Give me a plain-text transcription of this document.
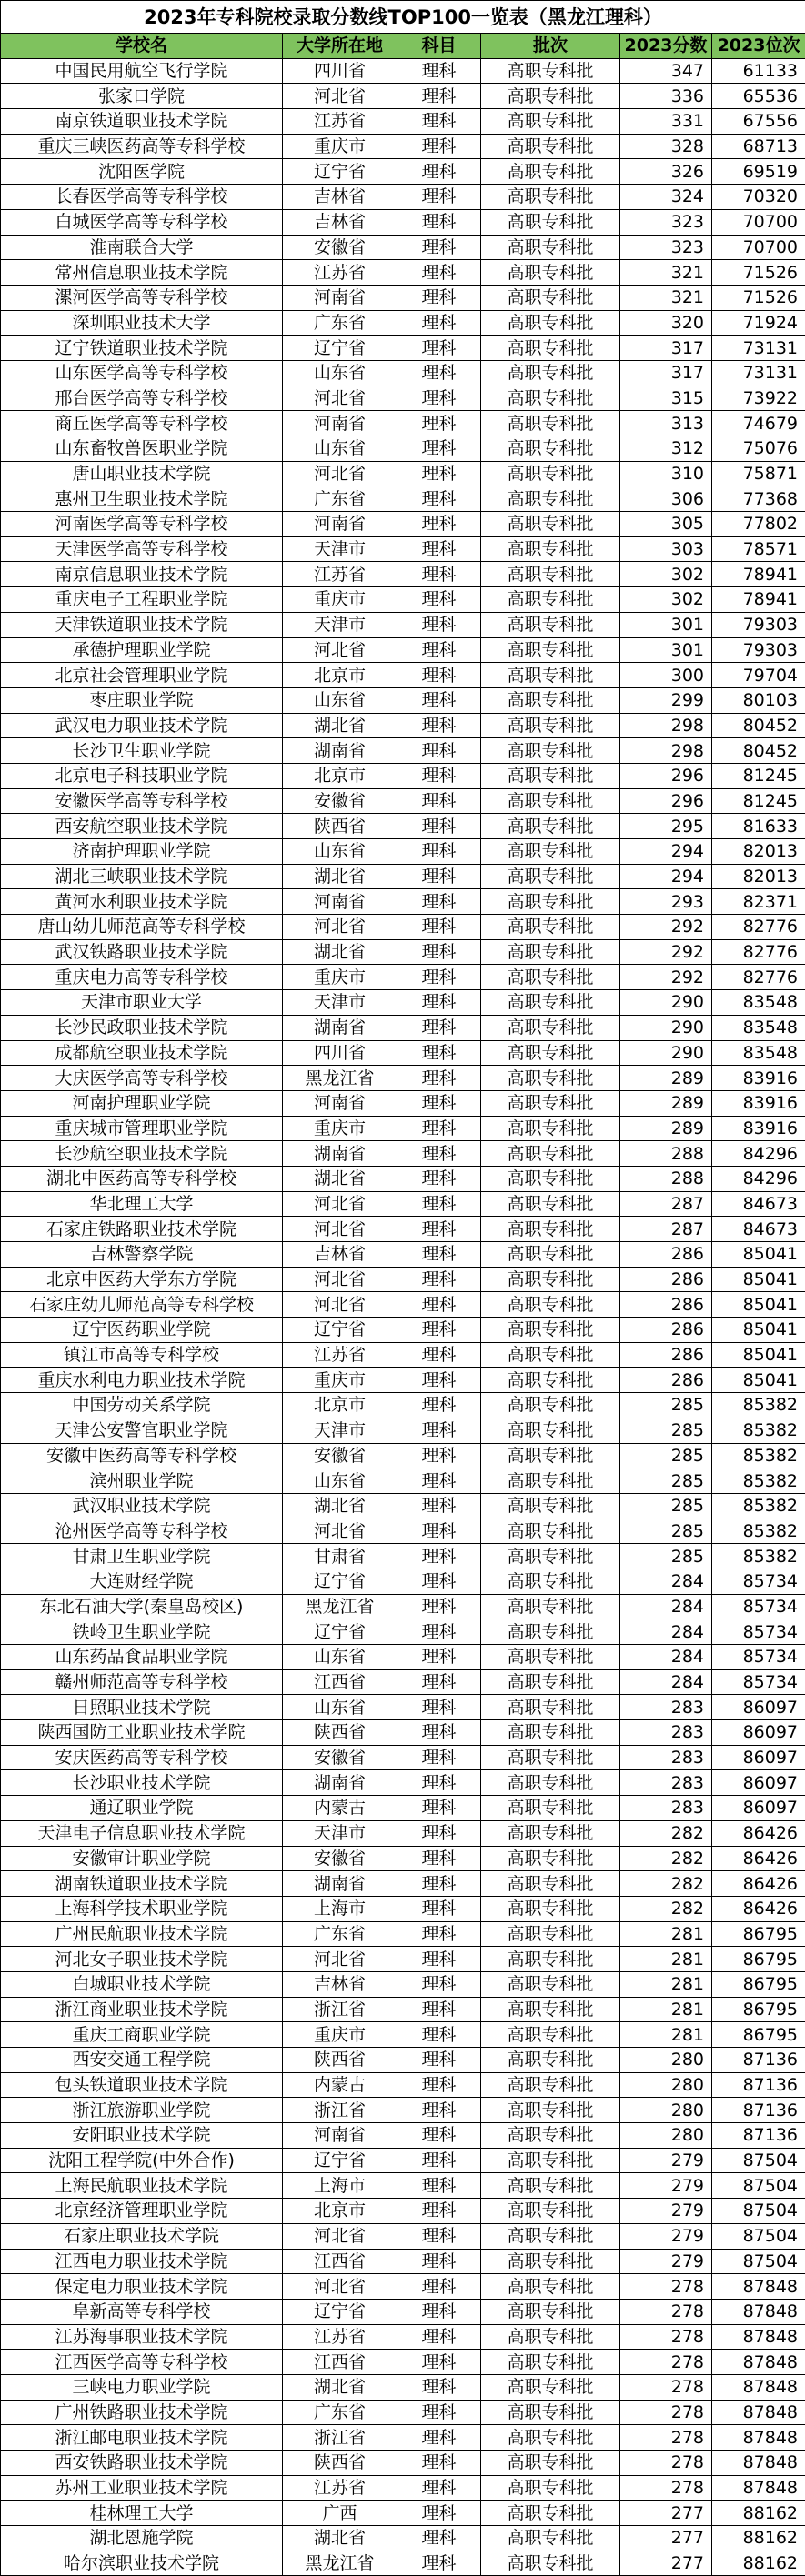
2023年专科院校录取分数线TOP100一览表（黑龙江理科）					
学校名	大学所在地	科目	批次	2023分数	2023位次
中国民用航空飞行学院	四川省	理科	高职专科批	347	61133
张家口学院	河北省	理科	高职专科批	336	65536
南京铁道职业技术学院	江苏省	理科	高职专科批	331	67556
重庆三峡医药高等专科学校	重庆市	理科	高职专科批	328	68713
沈阳医学院	辽宁省	理科	高职专科批	326	69519
长春医学高等专科学校	吉林省	理科	高职专科批	324	70320
白城医学高等专科学校	吉林省	理科	高职专科批	323	70700
淮南联合大学	安徽省	理科	高职专科批	323	70700
常州信息职业技术学院	江苏省	理科	高职专科批	321	71526
漯河医学高等专科学校	河南省	理科	高职专科批	321	71526
深圳职业技术大学	广东省	理科	高职专科批	320	71924
辽宁铁道职业技术学院	辽宁省	理科	高职专科批	317	73131
山东医学高等专科学校	山东省	理科	高职专科批	317	73131
邢台医学高等专科学校	河北省	理科	高职专科批	315	73922
商丘医学高等专科学校	河南省	理科	高职专科批	313	74679
山东畜牧兽医职业学院	山东省	理科	高职专科批	312	75076
唐山职业技术学院	河北省	理科	高职专科批	310	75871
惠州卫生职业技术学院	广东省	理科	高职专科批	306	77368
河南医学高等专科学校	河南省	理科	高职专科批	305	77802
天津医学高等专科学校	天津市	理科	高职专科批	303	78571
南京信息职业技术学院	江苏省	理科	高职专科批	302	78941
重庆电子工程职业学院	重庆市	理科	高职专科批	302	78941
天津铁道职业技术学院	天津市	理科	高职专科批	301	79303
承德护理职业学院	河北省	理科	高职专科批	301	79303
北京社会管理职业学院	北京市	理科	高职专科批	300	79704
枣庄职业学院	山东省	理科	高职专科批	299	80103
武汉电力职业技术学院	湖北省	理科	高职专科批	298	80452
长沙卫生职业学院	湖南省	理科	高职专科批	298	80452
北京电子科技职业学院	北京市	理科	高职专科批	296	81245
安徽医学高等专科学校	安徽省	理科	高职专科批	296	81245
西安航空职业技术学院	陕西省	理科	高职专科批	295	81633
济南护理职业学院	山东省	理科	高职专科批	294	82013
湖北三峡职业技术学院	湖北省	理科	高职专科批	294	82013
黄河水利职业技术学院	河南省	理科	高职专科批	293	82371
唐山幼儿师范高等专科学校	河北省	理科	高职专科批	292	82776
武汉铁路职业技术学院	湖北省	理科	高职专科批	292	82776
重庆电力高等专科学校	重庆市	理科	高职专科批	292	82776
天津市职业大学	天津市	理科	高职专科批	290	83548
长沙民政职业技术学院	湖南省	理科	高职专科批	290	83548
成都航空职业技术学院	四川省	理科	高职专科批	290	83548
大庆医学高等专科学校	黑龙江省	理科	高职专科批	289	83916
河南护理职业学院	河南省	理科	高职专科批	289	83916
重庆城市管理职业学院	重庆市	理科	高职专科批	289	83916
长沙航空职业技术学院	湖南省	理科	高职专科批	288	84296
湖北中医药高等专科学校	湖北省	理科	高职专科批	288	84296
华北理工大学	河北省	理科	高职专科批	287	84673
石家庄铁路职业技术学院	河北省	理科	高职专科批	287	84673
吉林警察学院	吉林省	理科	高职专科批	286	85041
北京中医药大学东方学院	河北省	理科	高职专科批	286	85041
石家庄幼儿师范高等专科学校	河北省	理科	高职专科批	286	85041
辽宁医药职业学院	辽宁省	理科	高职专科批	286	85041
镇江市高等专科学校	江苏省	理科	高职专科批	286	85041
重庆水利电力职业技术学院	重庆市	理科	高职专科批	286	85041
中国劳动关系学院	北京市	理科	高职专科批	285	85382
天津公安警官职业学院	天津市	理科	高职专科批	285	85382
安徽中医药高等专科学校	安徽省	理科	高职专科批	285	85382
滨州职业学院	山东省	理科	高职专科批	285	85382
武汉职业技术学院	湖北省	理科	高职专科批	285	85382
沧州医学高等专科学校	河北省	理科	高职专科批	285	85382
甘肃卫生职业学院	甘肃省	理科	高职专科批	285	85382
大连财经学院	辽宁省	理科	高职专科批	284	85734
东北石油大学(秦皇岛校区)	黑龙江省	理科	高职专科批	284	85734
铁岭卫生职业学院	辽宁省	理科	高职专科批	284	85734
山东药品食品职业学院	山东省	理科	高职专科批	284	85734
赣州师范高等专科学校	江西省	理科	高职专科批	284	85734
日照职业技术学院	山东省	理科	高职专科批	283	86097
陕西国防工业职业技术学院	陕西省	理科	高职专科批	283	86097
安庆医药高等专科学校	安徽省	理科	高职专科批	283	86097
长沙职业技术学院	湖南省	理科	高职专科批	283	86097
通辽职业学院	内蒙古	理科	高职专科批	283	86097
天津电子信息职业技术学院	天津市	理科	高职专科批	282	86426
安徽审计职业学院	安徽省	理科	高职专科批	282	86426
湖南铁道职业技术学院	湖南省	理科	高职专科批	282	86426
上海科学技术职业学院	上海市	理科	高职专科批	282	86426
广州民航职业技术学院	广东省	理科	高职专科批	281	86795
河北女子职业技术学院	河北省	理科	高职专科批	281	86795
白城职业技术学院	吉林省	理科	高职专科批	281	86795
浙江商业职业技术学院	浙江省	理科	高职专科批	281	86795
重庆工商职业学院	重庆市	理科	高职专科批	281	86795
西安交通工程学院	陕西省	理科	高职专科批	280	87136
包头铁道职业技术学院	内蒙古	理科	高职专科批	280	87136
浙江旅游职业学院	浙江省	理科	高职专科批	280	87136
安阳职业技术学院	河南省	理科	高职专科批	280	87136
沈阳工程学院(中外合作)	辽宁省	理科	高职专科批	279	87504
上海民航职业技术学院	上海市	理科	高职专科批	279	87504
北京经济管理职业学院	北京市	理科	高职专科批	279	87504
石家庄职业技术学院	河北省	理科	高职专科批	279	87504
江西电力职业技术学院	江西省	理科	高职专科批	279	87504
保定电力职业技术学院	河北省	理科	高职专科批	278	87848
阜新高等专科学校	辽宁省	理科	高职专科批	278	87848
江苏海事职业技术学院	江苏省	理科	高职专科批	278	87848
江西医学高等专科学校	江西省	理科	高职专科批	278	87848
三峡电力职业学院	湖北省	理科	高职专科批	278	87848
广州铁路职业技术学院	广东省	理科	高职专科批	278	87848
浙江邮电职业技术学院	浙江省	理科	高职专科批	278	87848
西安铁路职业技术学院	陕西省	理科	高职专科批	278	87848
苏州工业职业技术学院	江苏省	理科	高职专科批	278	87848
桂林理工大学	广西	理科	高职专科批	277	88162
湖北恩施学院	湖北省	理科	高职专科批	277	88162
哈尔滨职业技术学院	黑龙江省	理科	高职专科批	277	88162
